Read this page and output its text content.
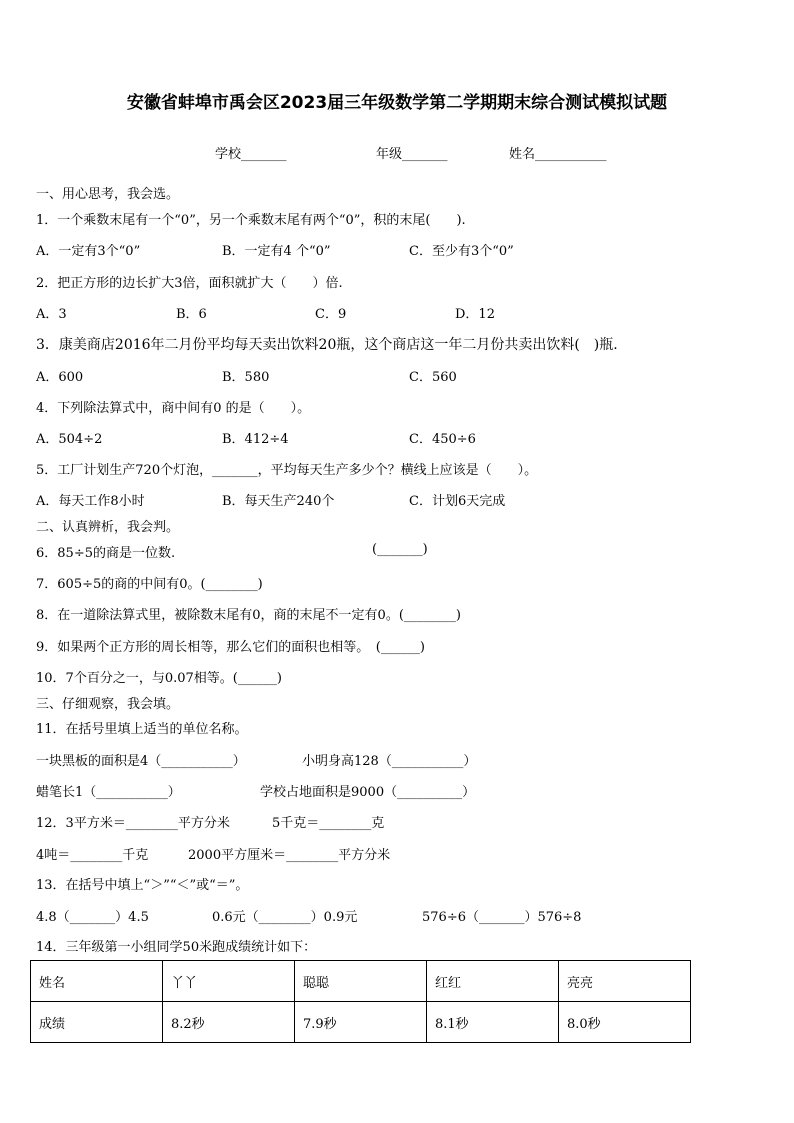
安徽省蚌埠市禹会区2023届三年级数学第二学期期末综合测试模拟试题
学校_______	年级_______	姓名___________
一、用心思考，我会选。
1．一个乘数末尾有一个“0”，另一个乘数末尾有两个“0”，积的末尾(　　).
A．一定有3个“0”	B．一定有4 个“0”	C．至少有3个“0”
2．把正方形的边长扩大3倍，面积就扩大（　　）倍.
A．3	B．6	C．9	D．12
3．康美商店2016年二月份平均每天卖出饮料20瓶，这个商店这一年二月份共卖出饮料(　)瓶.
A．600	B．580	C．560
4．下列除法算式中，商中间有0 的是（　　）。
A．504÷2	B．412÷4	C．450÷6
5．工厂计划生产720个灯泡，_______，平均每天生产多少个？横线上应该是（　　）。
A．每天工作8小时	B．每天生产240个	C．计划6天完成
二、认真辨析，我会判。
6．85÷5的商是一位数.	(_______)
7．605÷5的商的中间有0。(________)
8．在一道除法算式里，被除数末尾有0，商的末尾不一定有0。(________)
9．如果两个正方形的周长相等，那么它们的面积也相等。　(______)
10．7个百分之一，与0.07相等。(______)
三、仔细观察，我会填。
11．在括号里填上适当的单位名称。
一块黑板的面积是4（___________）	小明身高128（___________）
蜡笔长1（___________）	学校占地面积是9000（__________）
12．3平方米＝________平方分米	5千克＝________克
4吨＝________千克	2000平方厘米＝________平方分米
13．在括号中填上“＞”“＜”或“＝”。
4.8（_______）4.5	0.6元（________）0.9元	576÷6（_______）576÷8
14．三年级第一小组同学50米跑成绩统计如下：
姓名	丫丫	聪聪	红红	亮亮
成绩	8.2秒	7.9秒	8.1秒	8.0秒
